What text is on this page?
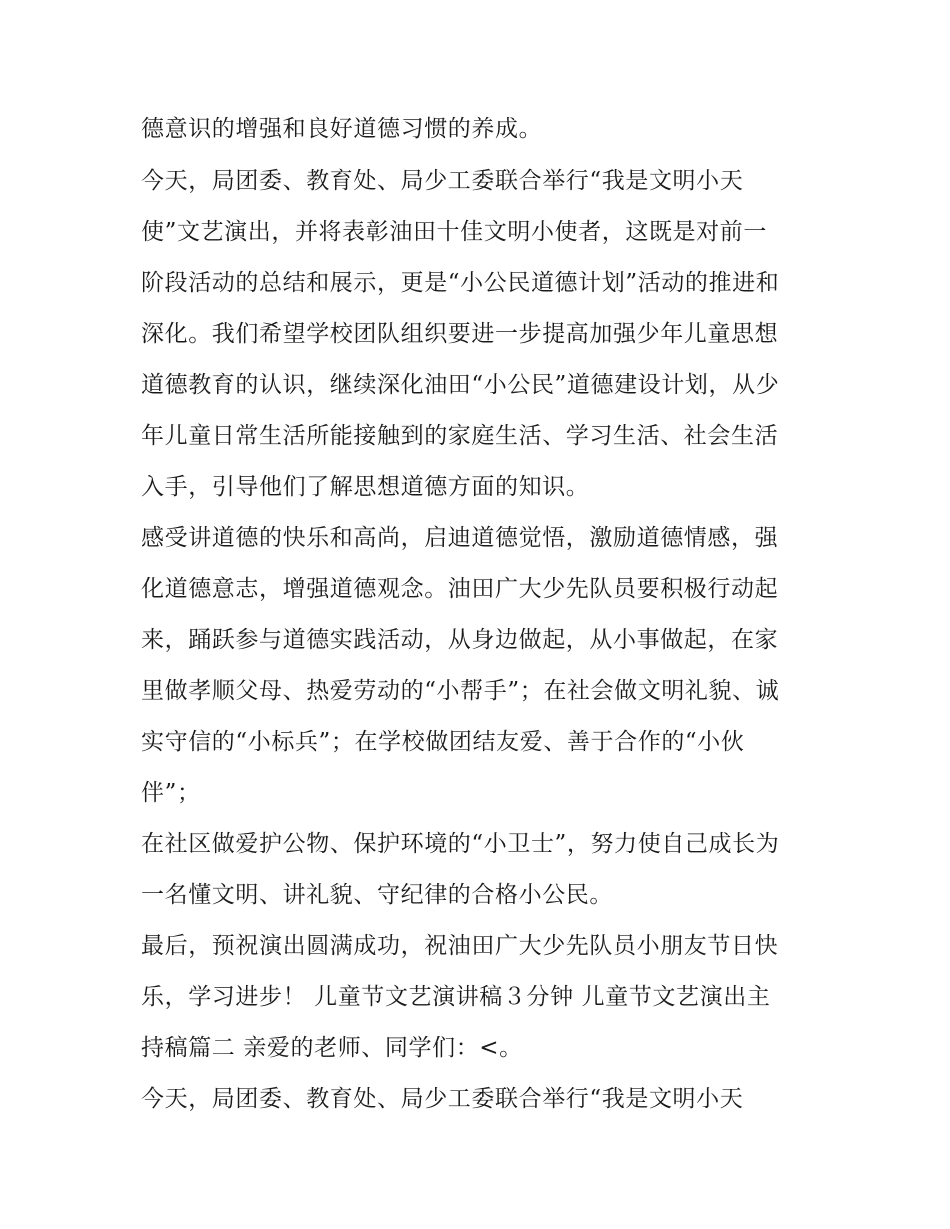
德意识的增强和良好道德习惯的养成。
今天，局团委、教育处、局少工委联合举行“我是文明小天
使”文艺演出，并将表彰油田十佳文明小使者，这既是对前一
阶段活动的总结和展示，更是“小公民道德计划”活动的推进和
深化。我们希望学校团队组织要进一步提高加强少年儿童思想
道德教育的认识，继续深化油田“小公民”道德建设计划，从少
年儿童日常生活所能接触到的家庭生活、学习生活、社会生活
入手，引导他们了解思想道德方面的知识。
感受讲道德的快乐和高尚，启迪道德觉悟，激励道德情感，强
化道德意志，增强道德观念。油田广大少先队员要积极行动起
来，踊跃参与道德实践活动，从身边做起，从小事做起，在家
里做孝顺父母、热爱劳动的“小帮手”；在社会做文明礼貌、诚
实守信的“小标兵”；在学校做团结友爱、善于合作的“小伙
伴”；
在社区做爱护公物、保护环境的“小卫士”，努力使自己成长为
一名懂文明、讲礼貌、守纪律的合格小公民。
最后，预祝演出圆满成功，祝油田广大少先队员小朋友节日快
乐，学习进步！ 儿童节文艺演讲稿３分钟 儿童节文艺演出主
持稿篇二 亲爱的老师、同学们：<。
今天，局团委、教育处、局少工委联合举行“我是文明小天
